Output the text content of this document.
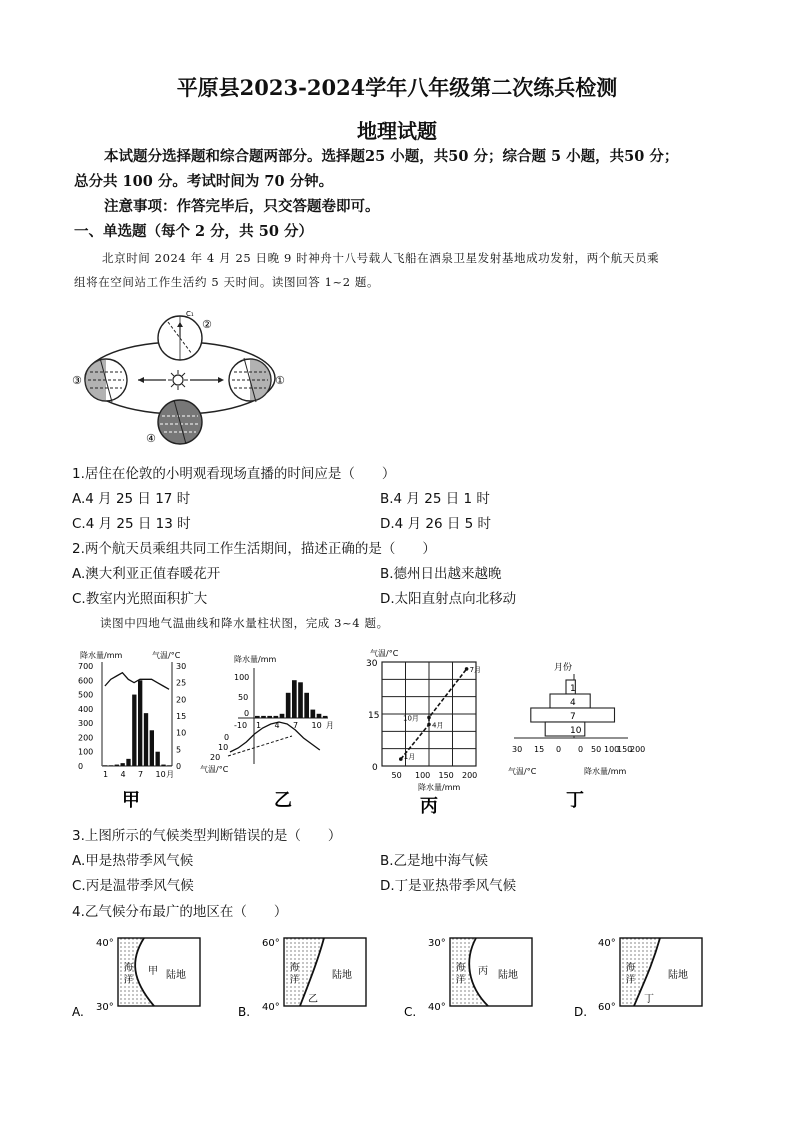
平原县2023-2024学年八年级第二次练兵检测
地理试题
本试题分选择题和综合题两部分。选择题25 小题，共50 分；综合题 5 小题，共50 分；
总分共 100 分。考试时间为 70 分钟。
注意事项：作答完毕后，只交答题卷即可。
一、单选题（每个 2 分，共 50 分）
北京时间 2024 年 4 月 25 日晚 9 时神舟十八号载人飞船在酒泉卫星发射基地成功发射，两个航天员乘
组将在空间站工作生活约 5 天时间。读图回答 1~2 题。
②
③	①
④
C₁
1.居住在伦敦的小明观看现场直播的时间应是（　　）
A.4 月 25 日 17 时	B.4 月 25 日 1 时
C.4 月 25 日 13 时	D.4 月 26 日 5 时
2.两个航天员乘组共同工作生活期间，描述正确的是（　　）
A.澳大利亚正值春暖花开	B.德州日出越来越晚
C.教室内光照面积扩大	D.太阳直射点向北移动
读图中四地气温曲线和降水量柱状图，完成 3~4 题。
降水量/mm	气温/°C
700
600
500
400
300
200
100
0
30
25
20
15
10
5
0
1 4 7 10 月
甲
降水量/mm
100
50
0
-10
0
10
20
气温/°C
1 4 7 10 月
乙
气温/°C
30
15
0
50 100 150 200
降水量/mm
1月
4月
10月
7月
丙
月份
1
4
7
10
30 15 0 0 50 100
150
200
气温/°C	降水量/mm
丁
3.上图所示的气候类型判断错误的是（　　）
A.甲是热带季风气候	B.乙是地中海气候
C.丙是温带季风气候	D.丁是亚热带季风气候
4.乙气候分布最广的地区在（　　）
40°
30°
海洋
甲 陆地
A.
60°
40°
海洋
乙
陆地
B.
30°
40°
海洋
丙 陆地
C.
40°
60°
海洋
丁
陆地
D.
